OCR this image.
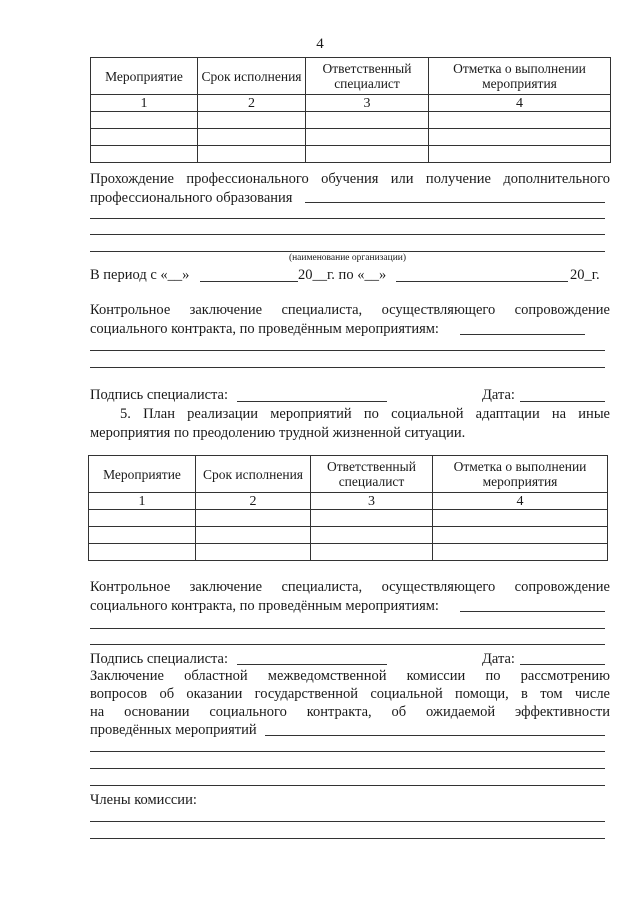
4
Мероприятие	Срок исполнения	Ответственный специалист	Отметка о выполнении мероприятия
1	2	3	4

Прохождение профессионального обучения или получение дополнительного
профессионального образования
(наименование организации)
В период с «__»	20__г. по «__»	20_г.
Контрольное заключение специалиста, осуществляющего сопровождение
социального контракта, по проведённым мероприятиям:
Подпись специалиста:	Дата:
5. План реализации мероприятий по социальной адаптации на иные
мероприятия по преодолению трудной жизненной ситуации.
Мероприятие	Срок исполнения	Ответственный специалист	Отметка о выполнении мероприятия
1	2	3	4

Контрольное заключение специалиста, осуществляющего сопровождение
социального контракта, по проведённым мероприятиям:
Подпись специалиста:	Дата:
Заключение областной межведомственной комиссии по рассмотрению
вопросов об оказании государственной социальной помощи, в том числе
на основании социального контракта, об ожидаемой эффективности
проведённых мероприятий
Члены комиссии:
